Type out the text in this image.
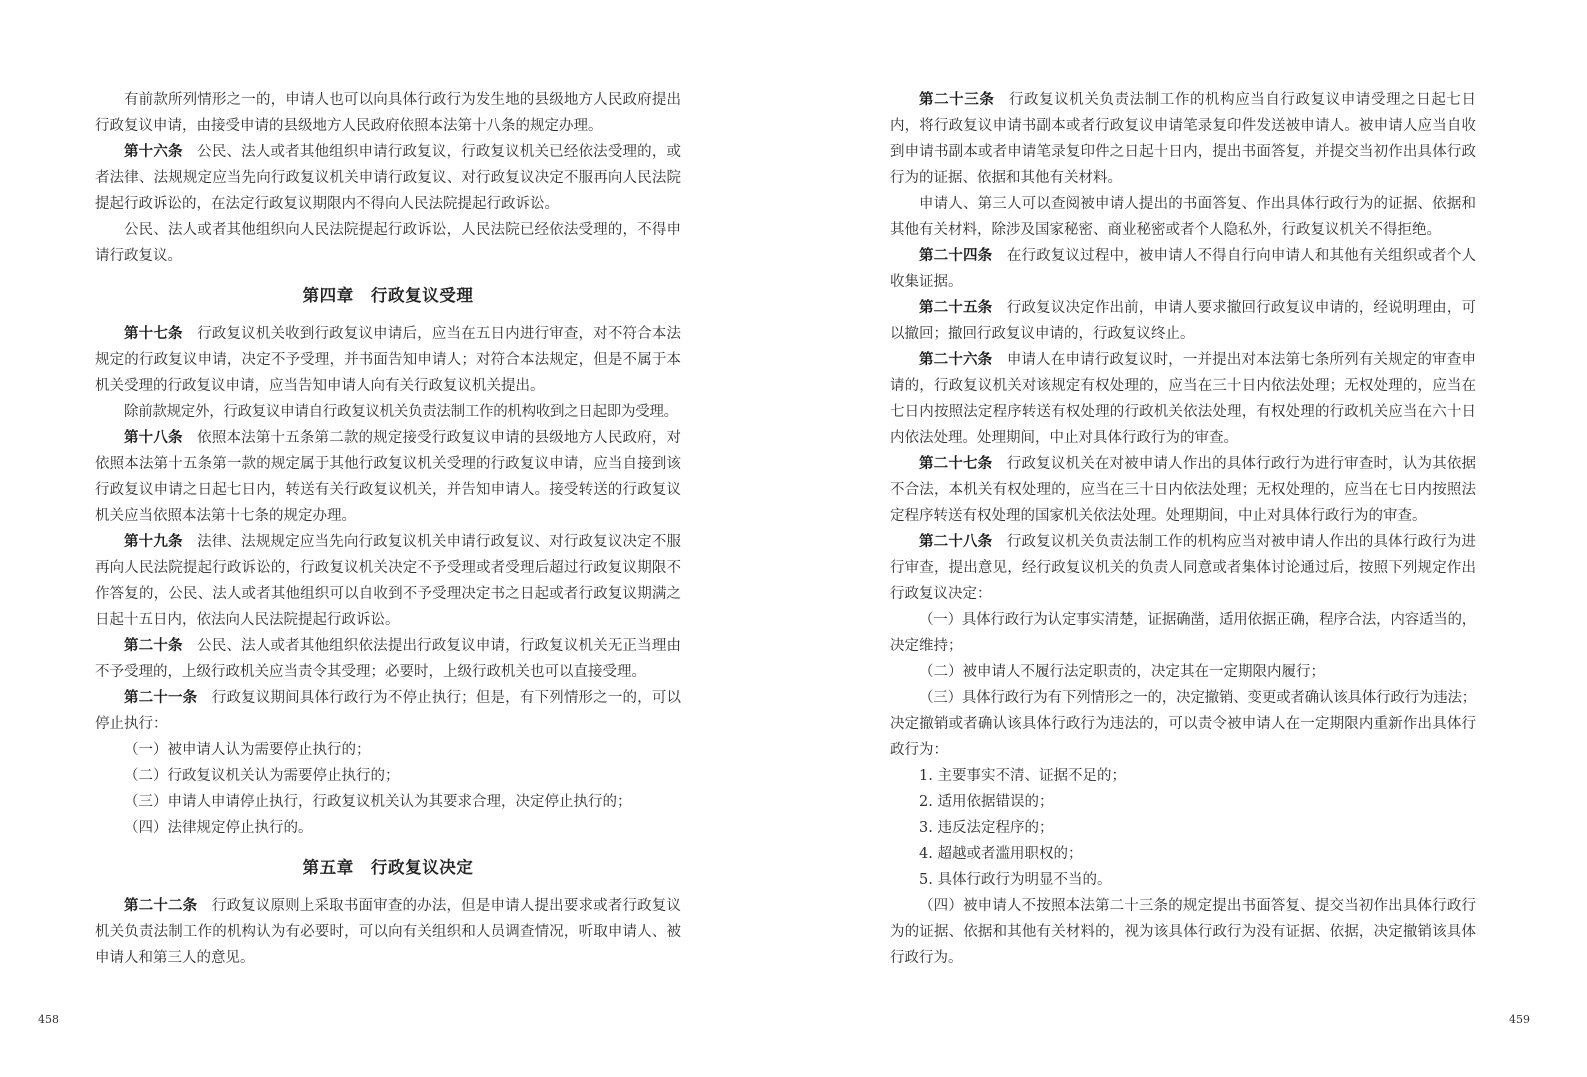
有前款所列情形之一的，申请人也可以向具体行政行为发生地的县级地方人民政府提出
行政复议申请，由接受申请的县级地方人民政府依照本法第十八条的规定办理。
第十六条 公民、法人或者其他组织申请行政复议，行政复议机关已经依法受理的，或
者法律、法规规定应当先向行政复议机关申请行政复议、对行政复议决定不服再向人民法院
提起行政诉讼的，在法定行政复议期限内不得向人民法院提起行政诉讼。
公民、法人或者其他组织向人民法院提起行政诉讼，人民法院已经依法受理的，不得申
请行政复议。
第四章　行政复议受理
第十七条 行政复议机关收到行政复议申请后，应当在五日内进行审查，对不符合本法
规定的行政复议申请，决定不予受理，并书面告知申请人；对符合本法规定，但是不属于本
机关受理的行政复议申请，应当告知申请人向有关行政复议机关提出。
除前款规定外，行政复议申请自行政复议机关负责法制工作的机构收到之日起即为受理。
第十八条 依照本法第十五条第二款的规定接受行政复议申请的县级地方人民政府，对
依照本法第十五条第一款的规定属于其他行政复议机关受理的行政复议申请，应当自接到该
行政复议申请之日起七日内，转送有关行政复议机关，并告知申请人。接受转送的行政复议
机关应当依照本法第十七条的规定办理。
第十九条 法律、法规规定应当先向行政复议机关申请行政复议、对行政复议决定不服
再向人民法院提起行政诉讼的，行政复议机关决定不予受理或者受理后超过行政复议期限不
作答复的，公民、法人或者其他组织可以自收到不予受理决定书之日起或者行政复议期满之
日起十五日内，依法向人民法院提起行政诉讼。
第二十条 公民、法人或者其他组织依法提出行政复议申请，行政复议机关无正当理由
不予受理的，上级行政机关应当责令其受理；必要时，上级行政机关也可以直接受理。
第二十一条 行政复议期间具体行政行为不停止执行；但是，有下列情形之一的，可以
停止执行：
（一）被申请人认为需要停止执行的；
（二）行政复议机关认为需要停止执行的；
（三）申请人申请停止执行，行政复议机关认为其要求合理，决定停止执行的；
（四）法律规定停止执行的。
第五章　行政复议决定
第二十二条 行政复议原则上采取书面审查的办法，但是申请人提出要求或者行政复议
机关负责法制工作的机构认为有必要时，可以向有关组织和人员调查情况，听取申请人、被
申请人和第三人的意见。
458
第二十三条 行政复议机关负责法制工作的机构应当自行政复议申请受理之日起七日
内，将行政复议申请书副本或者行政复议申请笔录复印件发送被申请人。被申请人应当自收
到申请书副本或者申请笔录复印件之日起十日内，提出书面答复，并提交当初作出具体行政
行为的证据、依据和其他有关材料。
申请人、第三人可以查阅被申请人提出的书面答复、作出具体行政行为的证据、依据和
其他有关材料，除涉及国家秘密、商业秘密或者个人隐私外，行政复议机关不得拒绝。
第二十四条 在行政复议过程中，被申请人不得自行向申请人和其他有关组织或者个人
收集证据。
第二十五条 行政复议决定作出前，申请人要求撤回行政复议申请的，经说明理由，可
以撤回；撤回行政复议申请的，行政复议终止。
第二十六条 申请人在申请行政复议时，一并提出对本法第七条所列有关规定的审查申
请的，行政复议机关对该规定有权处理的，应当在三十日内依法处理；无权处理的，应当在
七日内按照法定程序转送有权处理的行政机关依法处理，有权处理的行政机关应当在六十日
内依法处理。处理期间，中止对具体行政行为的审查。
第二十七条 行政复议机关在对被申请人作出的具体行政行为进行审查时，认为其依据
不合法，本机关有权处理的，应当在三十日内依法处理；无权处理的，应当在七日内按照法
定程序转送有权处理的国家机关依法处理。处理期间，中止对具体行政行为的审查。
第二十八条 行政复议机关负责法制工作的机构应当对被申请人作出的具体行政行为进
行审查，提出意见，经行政复议机关的负责人同意或者集体讨论通过后，按照下列规定作出
行政复议决定：
（一）具体行政行为认定事实清楚，证据确凿，适用依据正确，程序合法，内容适当的，
决定维持；
（二）被申请人不履行法定职责的，决定其在一定期限内履行；
（三）具体行政行为有下列情形之一的，决定撤销、变更或者确认该具体行政行为违法；
决定撤销或者确认该具体行政行为违法的，可以责令被申请人在一定期限内重新作出具体行
政行为：
1. 主要事实不清、证据不足的；
2. 适用依据错误的；
3. 违反法定程序的；
4. 超越或者滥用职权的；
5. 具体行政行为明显不当的。
（四）被申请人不按照本法第二十三条的规定提出书面答复、提交当初作出具体行政行
为的证据、依据和其他有关材料的，视为该具体行政行为没有证据、依据，决定撤销该具体
行政行为。
459
